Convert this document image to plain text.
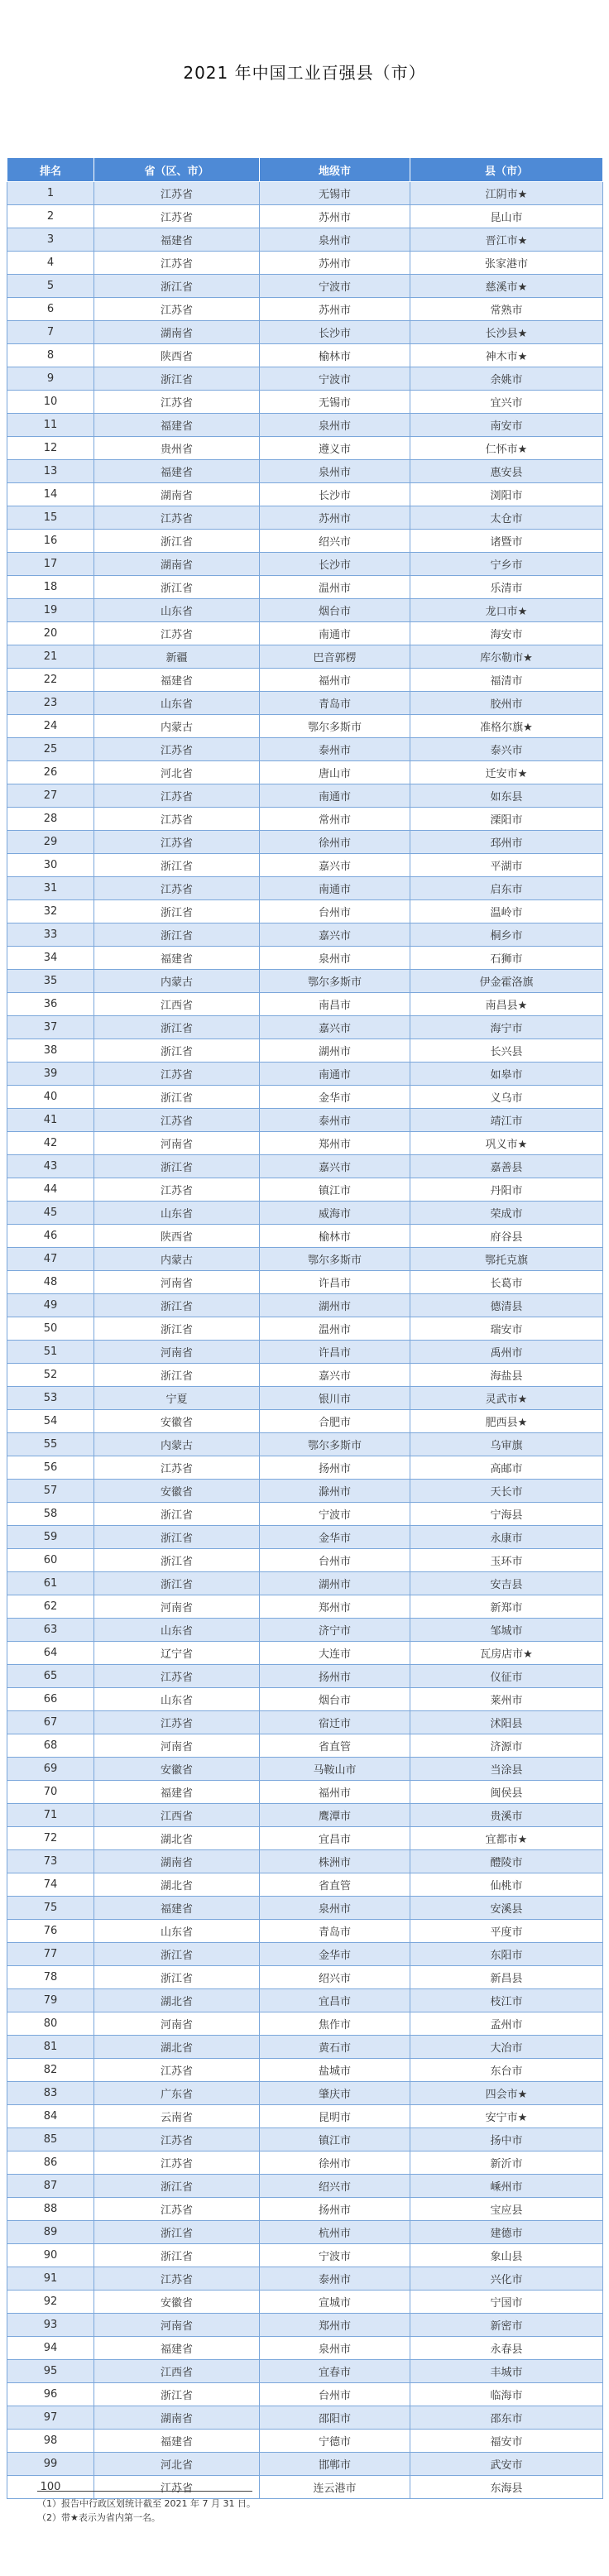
2021 年中国工业百强县（市）
排名	省（区、市）	地级市	县（市）
1	江苏省	无锡市	江阴市★
2	江苏省	苏州市	昆山市
3	福建省	泉州市	晋江市★
4	江苏省	苏州市	张家港市
5	浙江省	宁波市	慈溪市★
6	江苏省	苏州市	常熟市
7	湖南省	长沙市	长沙县★
8	陕西省	榆林市	神木市★
9	浙江省	宁波市	余姚市
10	江苏省	无锡市	宜兴市
11	福建省	泉州市	南安市
12	贵州省	遵义市	仁怀市★
13	福建省	泉州市	惠安县
14	湖南省	长沙市	浏阳市
15	江苏省	苏州市	太仓市
16	浙江省	绍兴市	诸暨市
17	湖南省	长沙市	宁乡市
18	浙江省	温州市	乐清市
19	山东省	烟台市	龙口市★
20	江苏省	南通市	海安市
21	新疆	巴音郭楞	库尔勒市★
22	福建省	福州市	福清市
23	山东省	青岛市	胶州市
24	内蒙古	鄂尔多斯市	准格尔旗★
25	江苏省	泰州市	泰兴市
26	河北省	唐山市	迁安市★
27	江苏省	南通市	如东县
28	江苏省	常州市	溧阳市
29	江苏省	徐州市	邳州市
30	浙江省	嘉兴市	平湖市
31	江苏省	南通市	启东市
32	浙江省	台州市	温岭市
33	浙江省	嘉兴市	桐乡市
34	福建省	泉州市	石狮市
35	内蒙古	鄂尔多斯市	伊金霍洛旗
36	江西省	南昌市	南昌县★
37	浙江省	嘉兴市	海宁市
38	浙江省	湖州市	长兴县
39	江苏省	南通市	如皋市
40	浙江省	金华市	义乌市
41	江苏省	泰州市	靖江市
42	河南省	郑州市	巩义市★
43	浙江省	嘉兴市	嘉善县
44	江苏省	镇江市	丹阳市
45	山东省	威海市	荣成市
46	陕西省	榆林市	府谷县
47	内蒙古	鄂尔多斯市	鄂托克旗
48	河南省	许昌市	长葛市
49	浙江省	湖州市	德清县
50	浙江省	温州市	瑞安市
51	河南省	许昌市	禹州市
52	浙江省	嘉兴市	海盐县
53	宁夏	银川市	灵武市★
54	安徽省	合肥市	肥西县★
55	内蒙古	鄂尔多斯市	乌审旗
56	江苏省	扬州市	高邮市
57	安徽省	滁州市	天长市
58	浙江省	宁波市	宁海县
59	浙江省	金华市	永康市
60	浙江省	台州市	玉环市
61	浙江省	湖州市	安吉县
62	河南省	郑州市	新郑市
63	山东省	济宁市	邹城市
64	辽宁省	大连市	瓦房店市★
65	江苏省	扬州市	仪征市
66	山东省	烟台市	莱州市
67	江苏省	宿迁市	沭阳县
68	河南省	省直管	济源市
69	安徽省	马鞍山市	当涂县
70	福建省	福州市	闽侯县
71	江西省	鹰潭市	贵溪市
72	湖北省	宜昌市	宜都市★
73	湖南省	株洲市	醴陵市
74	湖北省	省直管	仙桃市
75	福建省	泉州市	安溪县
76	山东省	青岛市	平度市
77	浙江省	金华市	东阳市
78	浙江省	绍兴市	新昌县
79	湖北省	宜昌市	枝江市
80	河南省	焦作市	孟州市
81	湖北省	黄石市	大冶市
82	江苏省	盐城市	东台市
83	广东省	肇庆市	四会市★
84	云南省	昆明市	安宁市★
85	江苏省	镇江市	扬中市
86	江苏省	徐州市	新沂市
87	浙江省	绍兴市	嵊州市
88	江苏省	扬州市	宝应县
89	浙江省	杭州市	建德市
90	浙江省	宁波市	象山县
91	江苏省	泰州市	兴化市
92	安徽省	宣城市	宁国市
93	河南省	郑州市	新密市
94	福建省	泉州市	永春县
95	江西省	宜春市	丰城市
96	浙江省	台州市	临海市
97	湖南省	邵阳市	邵东市
98	福建省	宁德市	福安市
99	河北省	邯郸市	武安市
100	江苏省	连云港市	东海县
（1）报告中行政区划统计截至 2021 年 7 月 31 日。
（2）带★表示为省内第一名。
